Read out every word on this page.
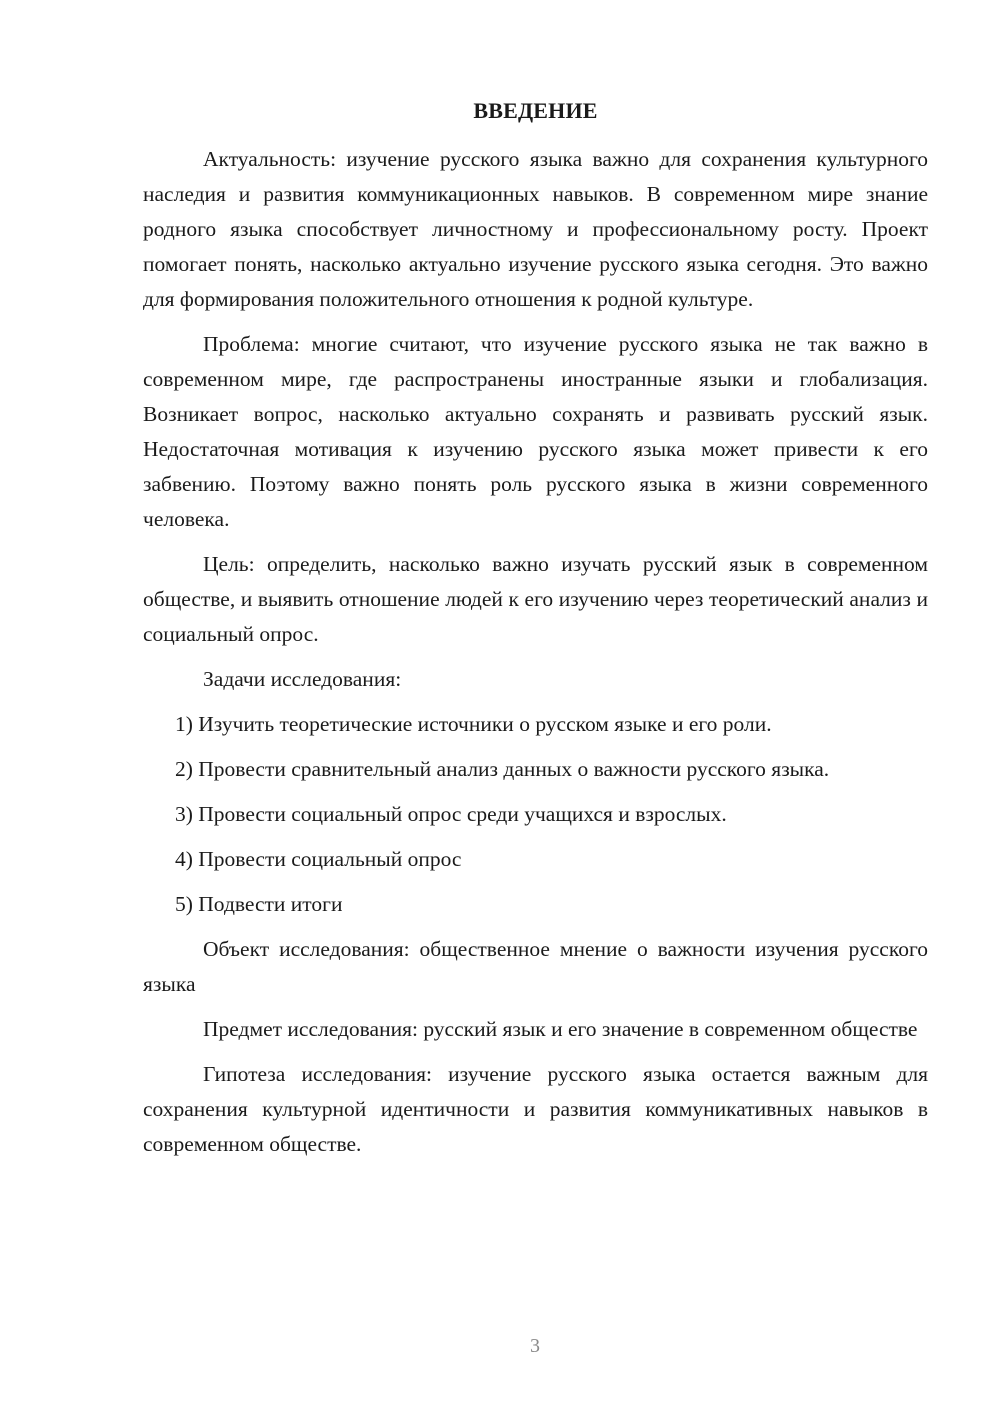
ВВЕДЕНИЕ

Актуальность: изучение русского языка важно для сохранения культурного наследия и развития коммуникационных навыков. В современном мире знание родного языка способствует личностному и профессиональному росту. Проект помогает понять, насколько актуально изучение русского языка сегодня. Это важно для формирования положительного отношения к родной культуре.

Проблема: многие считают, что изучение русского языка не так важно в современном мире, где распространены иностранные языки и глобализация. Возникает вопрос, насколько актуально сохранять и развивать русский язык. Недостаточная мотивация к изучению русского языка может привести к его забвению. Поэтому важно понять роль русского языка в жизни современного человека.

Цель: определить, насколько важно изучать русский язык в современном обществе, и выявить отношение людей к его изучению через теоретический анализ и социальный опрос.

Задачи исследования:

1) Изучить теоретические источники о русском языке и его роли.

2) Провести сравнительный анализ данных о важности русского языка.

3) Провести социальный опрос среди учащихся и взрослых.

4) Провести социальный опрос

5) Подвести итоги

Объект исследования: общественное мнение о важности изучения русского языка

Предмет исследования: русский язык и его значение в современном обществе

Гипотеза исследования: изучение русского языка остается важным для сохранения культурной идентичности и развития коммуникативных навыков в современном обществе.

3
